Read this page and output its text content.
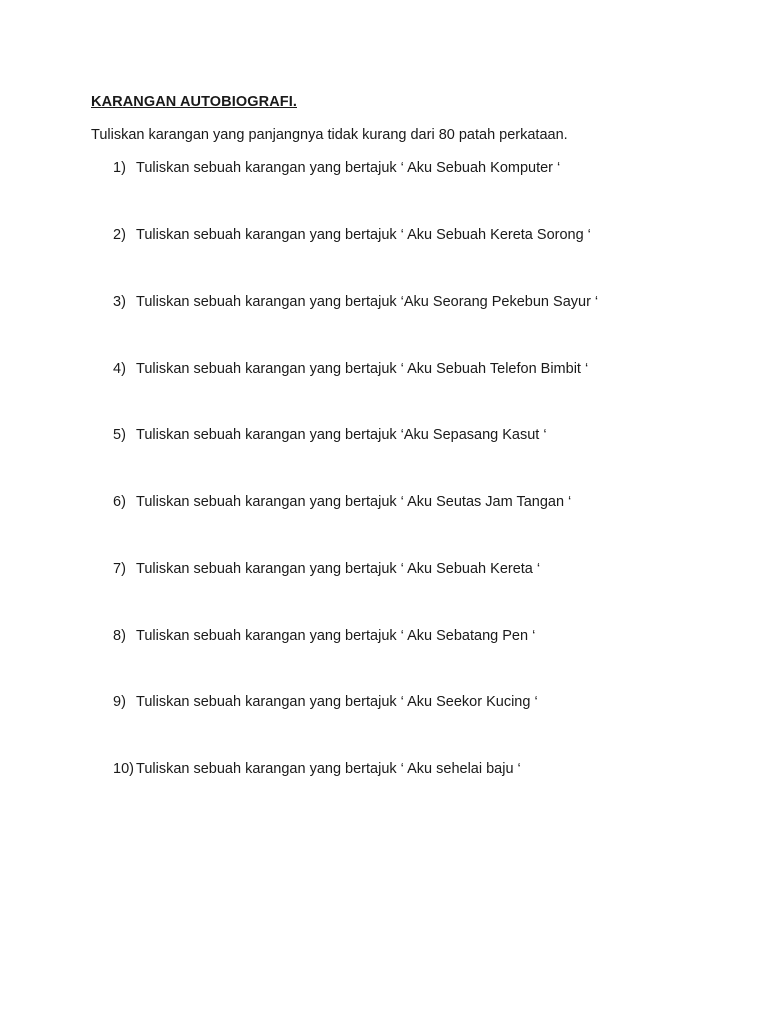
KARANGAN AUTOBIOGRAFI.
Tuliskan karangan yang panjangnya tidak kurang dari 80 patah perkataan.
1) Tuliskan sebuah karangan yang bertajuk ‘ Aku Sebuah Komputer ‘
2) Tuliskan sebuah karangan yang bertajuk ‘ Aku Sebuah Kereta Sorong ‘
3) Tuliskan sebuah karangan yang bertajuk ‘Aku Seorang Pekebun Sayur ‘
4) Tuliskan sebuah karangan yang bertajuk ‘ Aku Sebuah Telefon Bimbit ‘
5) Tuliskan sebuah karangan yang bertajuk ‘Aku Sepasang Kasut ‘
6) Tuliskan sebuah karangan yang bertajuk ‘ Aku Seutas Jam Tangan ‘
7) Tuliskan sebuah karangan yang bertajuk ‘ Aku Sebuah Kereta ‘
8) Tuliskan sebuah karangan yang bertajuk ‘ Aku Sebatang Pen ‘
9) Tuliskan sebuah karangan yang bertajuk ‘ Aku Seekor Kucing ‘
10) Tuliskan sebuah karangan yang bertajuk ‘ Aku sehelai baju ‘
